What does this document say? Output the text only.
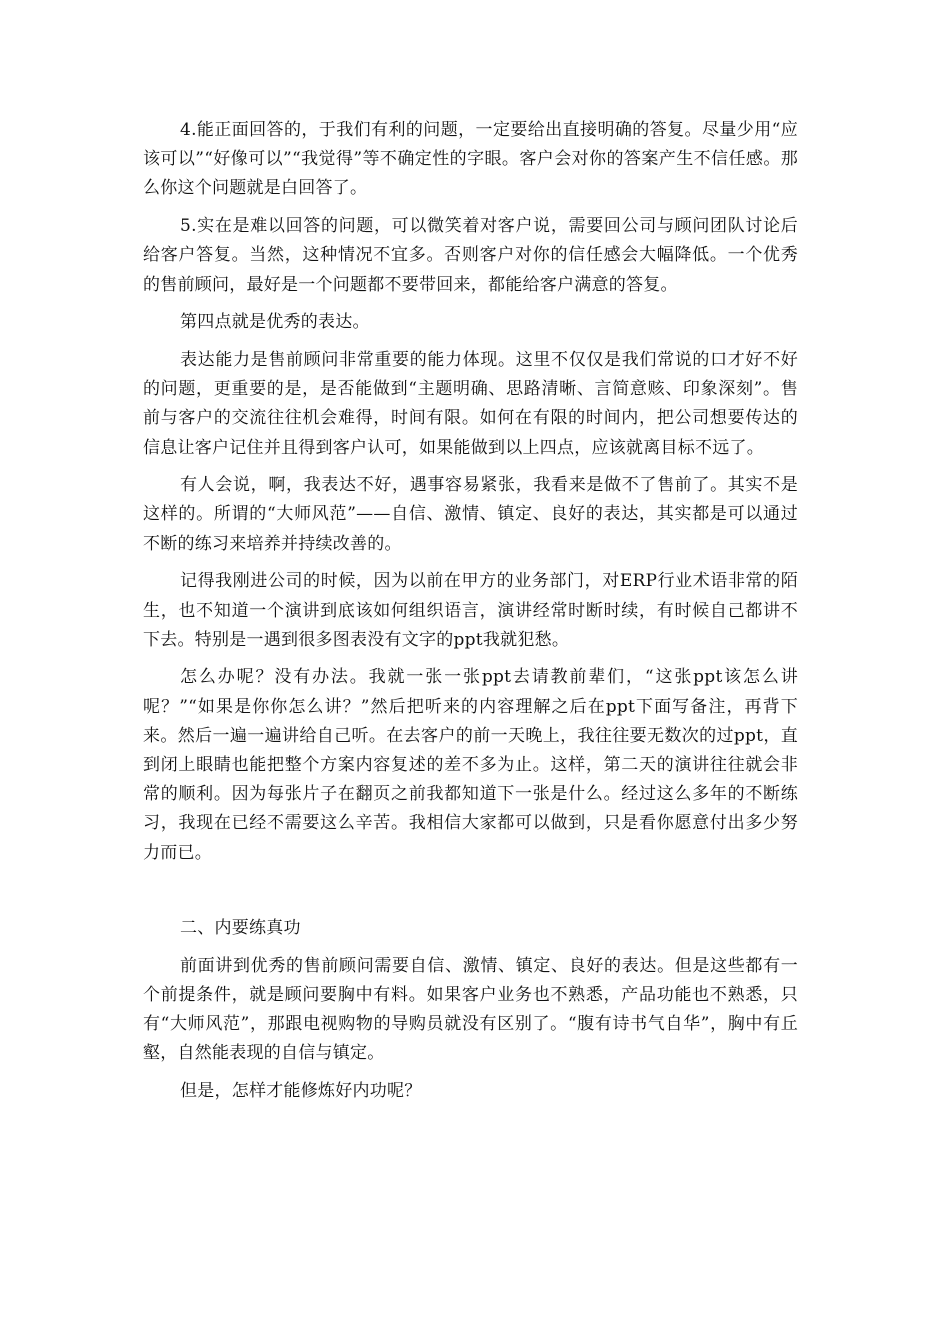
4.能正面回答的，于我们有利的问题，一定要给出直接明确的答复。尽量少用“应该可以”“好像可以”“我觉得”等不确定性的字眼。客户会对你的答案产生不信任感。那么你这个问题就是白回答了。

5.实在是难以回答的问题，可以微笑着对客户说，需要回公司与顾问团队讨论后给客户答复。当然，这种情况不宜多。否则客户对你的信任感会大幅降低。一个优秀的售前顾问，最好是一个问题都不要带回来，都能给客户满意的答复。

第四点就是优秀的表达。

表达能力是售前顾问非常重要的能力体现。这里不仅仅是我们常说的口才好不好的问题，更重要的是，是否能做到“主题明确、思路清晰、言简意赅、印象深刻”。售前与客户的交流往往机会难得，时间有限。如何在有限的时间内，把公司想要传达的信息让客户记住并且得到客户认可，如果能做到以上四点，应该就离目标不远了。

有人会说，啊，我表达不好，遇事容易紧张，我看来是做不了售前了。其实不是这样的。所谓的“大师风范”——自信、激情、镇定、良好的表达，其实都是可以通过不断的练习来培养并持续改善的。

记得我刚进公司的时候，因为以前在甲方的业务部门，对ERP行业术语非常的陌生，也不知道一个演讲到底该如何组织语言，演讲经常时断时续，有时候自己都讲不下去。特别是一遇到很多图表没有文字的ppt我就犯愁。

怎么办呢？没有办法。我就一张一张ppt去请教前辈们，“这张ppt该怎么讲呢？”“如果是你你怎么讲？”然后把听来的内容理解之后在ppt下面写备注，再背下来。然后一遍一遍讲给自己听。在去客户的前一天晚上，我往往要无数次的过ppt，直到闭上眼睛也能把整个方案内容复述的差不多为止。这样，第二天的演讲往往就会非常的顺利。因为每张片子在翻页之前我都知道下一张是什么。经过这么多年的不断练习，我现在已经不需要这么辛苦。我相信大家都可以做到，只是看你愿意付出多少努力而已。

二、内要练真功

前面讲到优秀的售前顾问需要自信、激情、镇定、良好的表达。但是这些都有一个前提条件，就是顾问要胸中有料。如果客户业务也不熟悉，产品功能也不熟悉，只有“大师风范”，那跟电视购物的导购员就没有区别了。“腹有诗书气自华”，胸中有丘壑，自然能表现的自信与镇定。

但是，怎样才能修炼好内功呢？
